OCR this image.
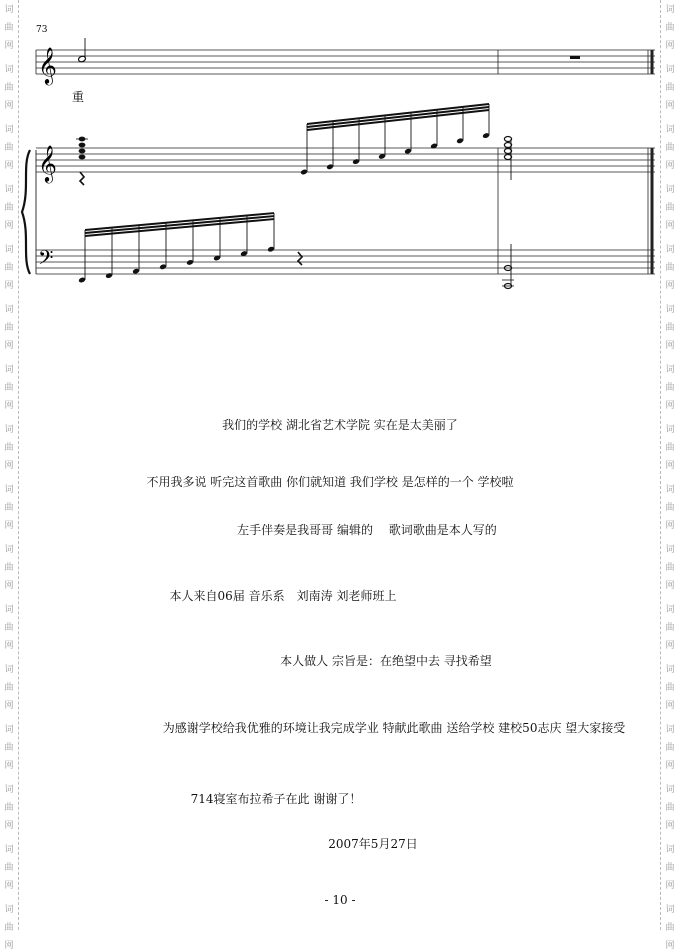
词
曲
网
词
曲
网
词
曲
网
词
曲
网
词
曲
网
词
曲
网
词
曲
网
词
曲
网
词
曲
网
词
曲
网
词
曲
网
词
曲
网
词
曲
网
词
曲
网
词
曲
网
词
曲
网
词
曲
网
词
曲
网
词
曲
网
词
曲
网
词
曲
网
词
曲
网
词
曲
网
词
曲
网
词
曲
网
词
曲
网
词
曲
网
词
曲
网
词
曲
网
词
曲
网
词
曲
网
词
曲
网
73
𝄞
重
𝄞
𝄢
我们的学校 湖北省艺术学院 实在是太美丽了
不用我多说 听完这首歌曲 你们就知道 我们学校 是怎样的一个 学校啦
左手伴奏是我哥哥 编辑的　 歌词歌曲是本人写的
本人来自06届 音乐系　刘南涛 刘老师班上
本人做人 宗旨是：在绝望中去 寻找希望
为感谢学校给我优雅的环境让我完成学业 特献此歌曲 送给学校 建校50志庆 望大家接受
714寝室布拉希子在此 谢谢了！
2007年5月27日
- 10 -
